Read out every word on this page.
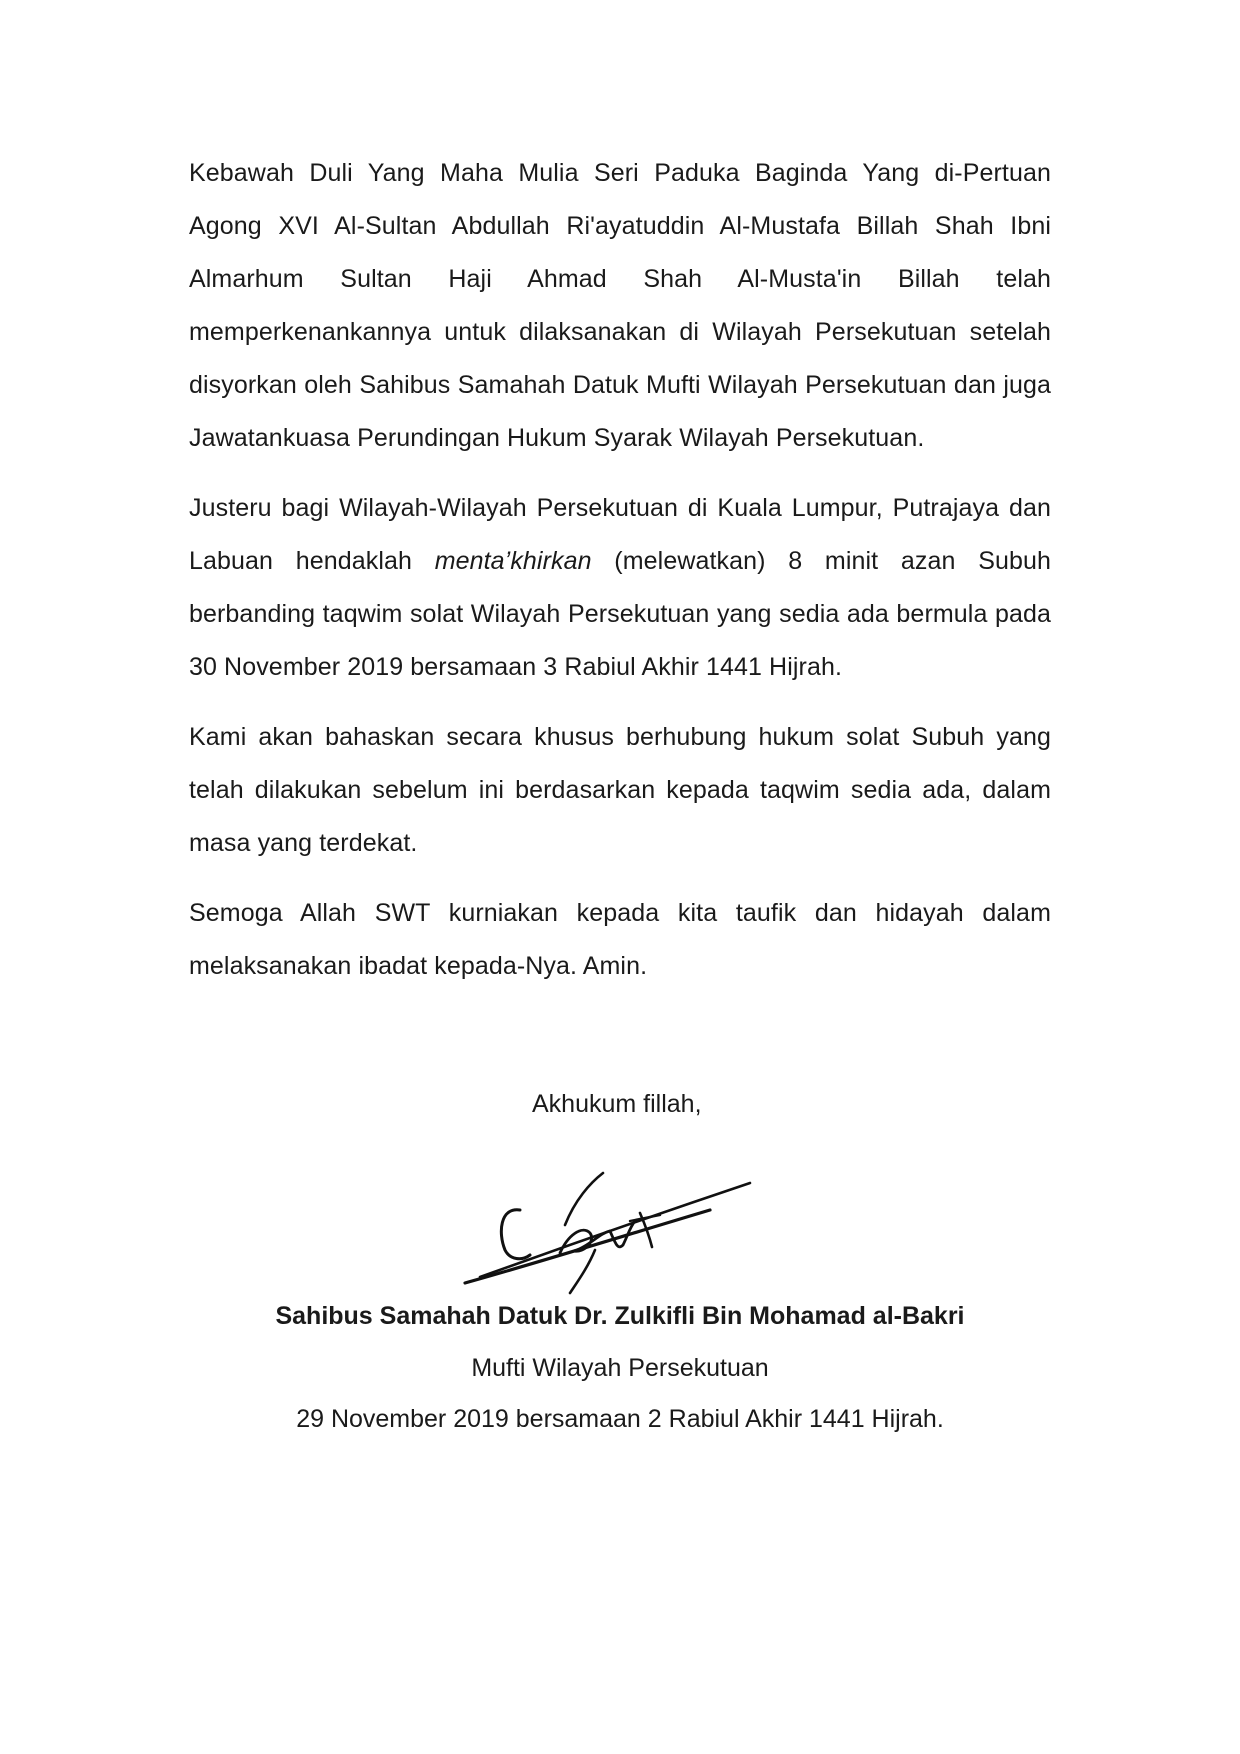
Kebawah Duli Yang Maha Mulia Seri Paduka Baginda Yang di-Pertuan Agong XVI Al-Sultan Abdullah Ri'ayatuddin Al-Mustafa Billah Shah Ibni Almarhum Sultan Haji Ahmad Shah Al-Musta'in Billah telah memperkenankannya untuk dilaksanakan di Wilayah Persekutuan setelah disyorkan oleh Sahibus Samahah Datuk Mufti Wilayah Persekutuan dan juga Jawatankuasa Perundingan Hukum Syarak Wilayah Persekutuan.

Justeru bagi Wilayah-Wilayah Persekutuan di Kuala Lumpur, Putrajaya dan Labuan hendaklah menta’khirkan (melewatkan) 8 minit azan Subuh berbanding taqwim solat Wilayah Persekutuan yang sedia ada bermula pada 30 November 2019 bersamaan 3 Rabiul Akhir 1441 Hijrah.

Kami akan bahaskan secara khusus berhubung hukum solat Subuh yang telah dilakukan sebelum ini berdasarkan kepada taqwim sedia ada, dalam masa yang terdekat.

Semoga Allah SWT kurniakan kepada kita taufik dan hidayah dalam melaksanakan ibadat kepada-Nya. Amin.

Akhukum fillah,
Sahibus Samahah Datuk Dr. Zulkifli Bin Mohamad al-Bakri
Mufti Wilayah Persekutuan
29 November 2019 bersamaan 2 Rabiul Akhir 1441 Hijrah.
